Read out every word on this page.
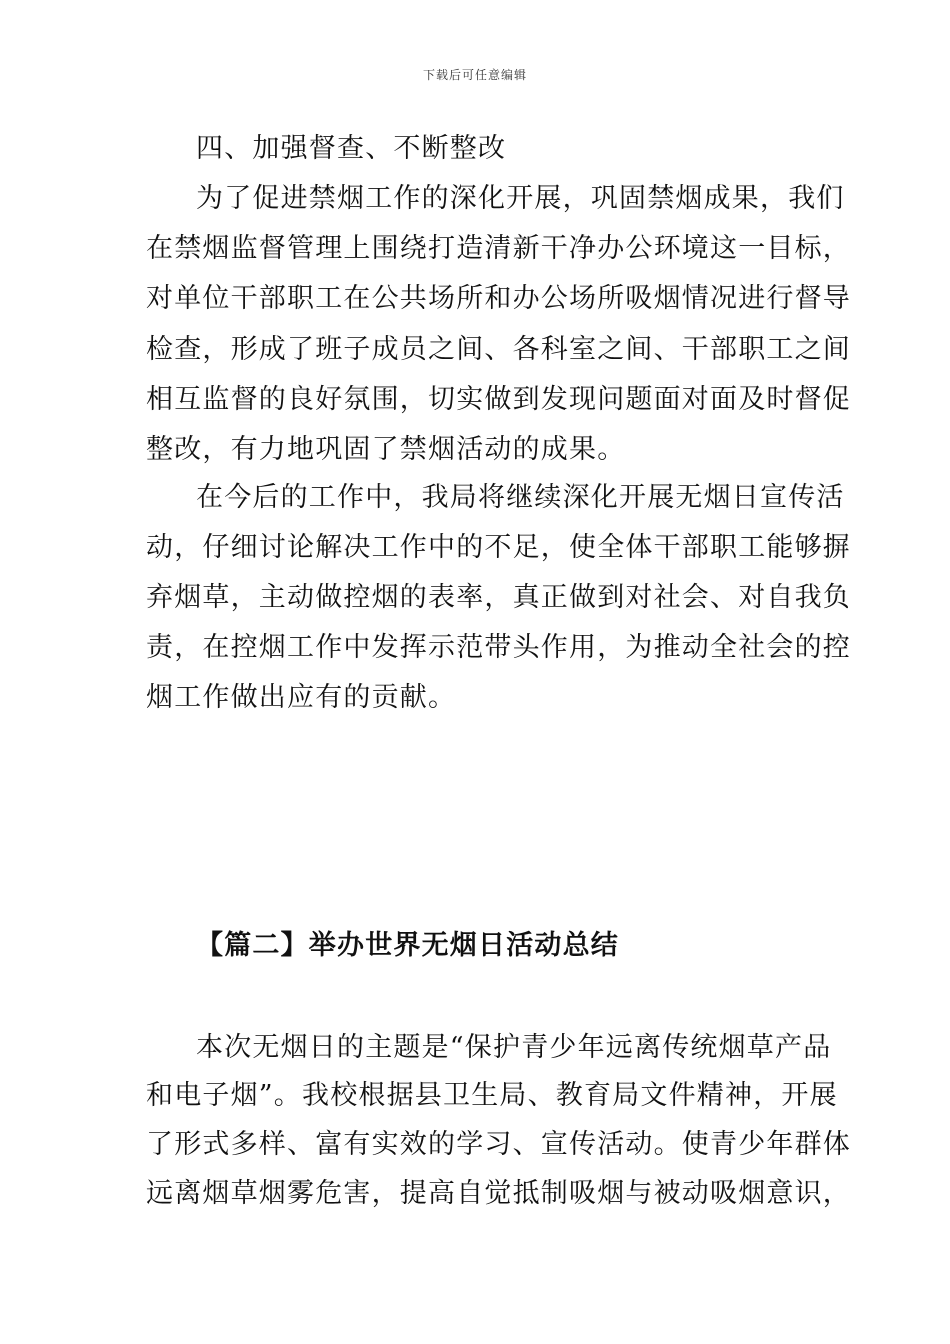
下载后可任意编辑
四、加强督查、不断整改
为了促进禁烟工作的深化开展，巩固禁烟成果，我们
在禁烟监督管理上围绕打造清新干净办公环境这一目标，
对单位干部职工在公共场所和办公场所吸烟情况进行督导
检查，形成了班子成员之间、各科室之间、干部职工之间
相互监督的良好氛围，切实做到发现问题面对面及时督促
整改，有力地巩固了禁烟活动的成果。
在今后的工作中，我局将继续深化开展无烟日宣传活
动，仔细讨论解决工作中的不足，使全体干部职工能够摒
弃烟草，主动做控烟的表率，真正做到对社会、对自我负
责，在控烟工作中发挥示范带头作用，为推动全社会的控
烟工作做出应有的贡献。
【篇二】举办世界无烟日活动总结
本次无烟日的主题是“保护青少年远离传统烟草产品
和电子烟”。我校根据县卫生局、教育局文件精神，开展
了形式多样、富有实效的学习、宣传活动。使青少年群体
远离烟草烟雾危害，提高自觉抵制吸烟与被动吸烟意识，
